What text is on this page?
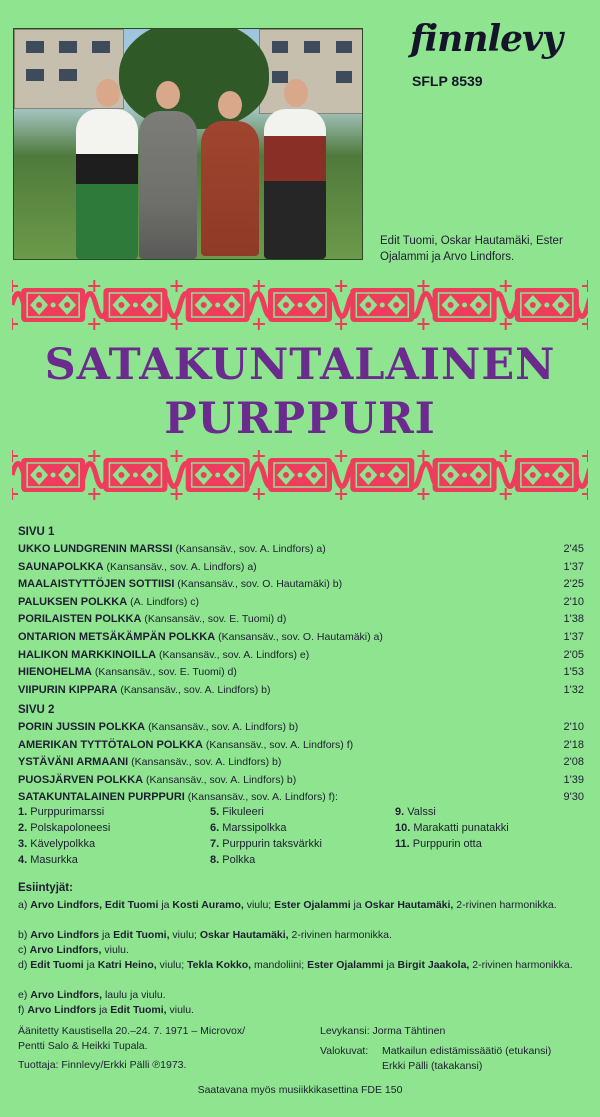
finnlevy
SFLP 8539
Edit Tuomi, Oskar Hautamäki, Ester Ojalammi ja Arvo Lindfors.
SATAKUNTALAINEN
PURPPURI
SIVU 1
UKKO LUNDGRENIN MARSSI (Kansansäv., sov. A. Lindfors) a)	2'45
SAUNAPOLKKA (Kansansäv., sov. A. Lindfors) a)	1'37
MAALAISTYTTÖJEN SOTTIISI (Kansansäv., sov. O. Hautamäki) b)	2'25
PALUKSEN POLKKA (A. Lindfors) c)	2'10
PORILAISTEN POLKKA (Kansansäv., sov. E. Tuomi) d)	1'38
ONTARION METSÄKÄMPÄN POLKKA (Kansansäv., sov. O. Hautamäki) a)	1'37
HALIKON MARKKINOILLA (Kansansäv., sov. A. Lindfors) e)	2'05
HIENOHELMA (Kansansäv., sov. E. Tuomi) d)	1'53
VIIPURIN KIPPARA (Kansansäv., sov. A. Lindfors) b)	1'32
SIVU 2
PORIN JUSSIN POLKKA (Kansansäv., sov. A. Lindfors) b)	2'10
AMERIKAN TYTTÖTALON POLKKA (Kansansäv., sov. A. Lindfors) f)	2'18
YSTÄVÄNI ARMAANI (Kansansäv., sov. A. Lindfors) b)	2'08
PUOSJÄRVEN POLKKA (Kansansäv., sov. A. Lindfors) b)	1'39
SATAKUNTALAINEN PURPPURI (Kansansäv., sov. A. Lindfors) f):	9'30
1. Purppurimarssi
2. Polskapoloneesi
3. Kävelypolkka
4. Masurkka
5. Fikuleeri
6. Marssipolkka
7. Purppurin taksvärkki
8. Polkka
9. Valssi
10. Marakatti punatakki
11. Purppurin otta
Esiintyjät:
a) Arvo Lindfors, Edit Tuomi ja Kosti Auramo, viulu; Ester Ojalammi ja Oskar Hautamäki, 2-rivinen harmonikka.
b) Arvo Lindfors ja Edit Tuomi, viulu; Oskar Hautamäki, 2-rivinen harmonikka.
c) Arvo Lindfors, viulu.
d) Edit Tuomi ja Katri Heino, viulu; Tekla Kokko, mandoliini; Ester Ojalammi ja Birgit Jaakola, 2-rivinen harmonikka.
e) Arvo Lindfors, laulu ja viulu.
f) Arvo Lindfors ja Edit Tuomi, viulu.
Äänitetty Kaustisella 20.–24. 7. 1971 – Microvox/
Pentti Salo & Heikki Tupala.
Tuottaja: Finnlevy/Erkki Pälli ℗1973.
Levykansi: Jorma Tähtinen
Valokuvat: Matkailun edistämissäätiö (etukansi)
Erkki Pälli (takakansi)
Saatavana myös musiikkikasettina FDE 150
